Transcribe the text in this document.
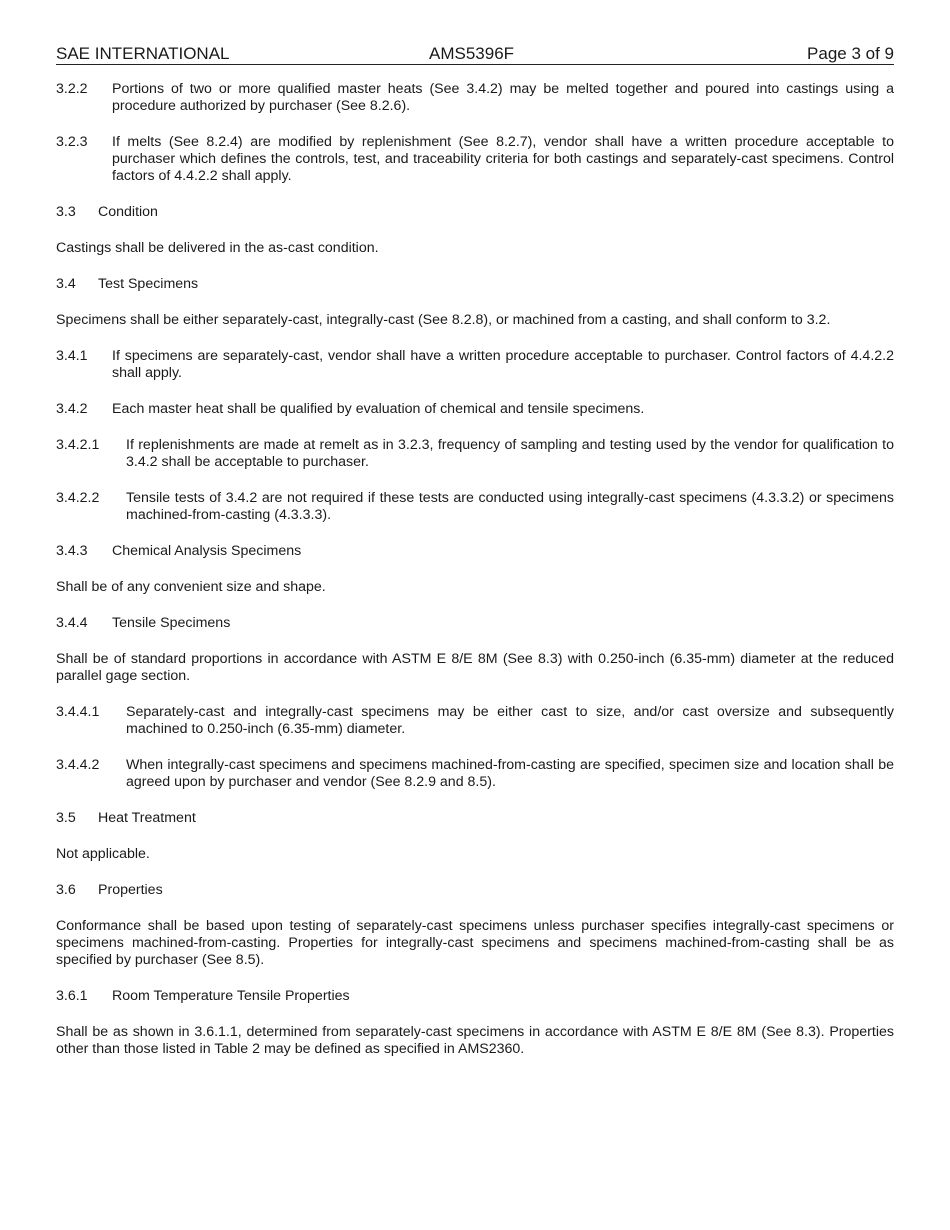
SAE INTERNATIONAL	AMS5396F	Page 3 of 9
3.2.2 Portions of two or more qualified master heats (See 3.4.2) may be melted together and poured into castings using a procedure authorized by purchaser (See 8.2.6).
3.2.3 If melts (See 8.2.4) are modified by replenishment (See 8.2.7), vendor shall have a written procedure acceptable to purchaser which defines the controls, test, and traceability criteria for both castings and separately-cast specimens. Control factors of 4.4.2.2 shall apply.
3.3 Condition

Castings shall be delivered in the as-cast condition.

3.4 Test Specimens

Specimens shall be either separately-cast, integrally-cast (See 8.2.8), or machined from a casting, and shall conform to 3.2.

3.4.1 If specimens are separately-cast, vendor shall have a written procedure acceptable to purchaser. Control factors of 4.4.2.2 shall apply.
3.4.2 Each master heat shall be qualified by evaluation of chemical and tensile specimens.
3.4.2.1 If replenishments are made at remelt as in 3.2.3, frequency of sampling and testing used by the vendor for qualification to 3.4.2 shall be acceptable to purchaser.
3.4.2.2 Tensile tests of 3.4.2 are not required if these tests are conducted using integrally-cast specimens (4.3.3.2) or specimens machined-from-casting (4.3.3.3).
3.4.3 Chemical Analysis Specimens

Shall be of any convenient size and shape.

3.4.4 Tensile Specimens

Shall be of standard proportions in accordance with ASTM E 8/E 8M (See 8.3) with 0.250-inch (6.35-mm) diameter at the reduced parallel gage section.

3.4.4.1 Separately-cast and integrally-cast specimens may be either cast to size, and/or cast oversize and subsequently machined to 0.250-inch (6.35-mm) diameter.
3.4.4.2 When integrally-cast specimens and specimens machined-from-casting are specified, specimen size and location shall be agreed upon by purchaser and vendor (See 8.2.9 and 8.5).
3.5 Heat Treatment

Not applicable.

3.6 Properties

Conformance shall be based upon testing of separately-cast specimens unless purchaser specifies integrally-cast specimens or specimens machined-from-casting. Properties for integrally-cast specimens and specimens machined-from-casting shall be as specified by purchaser (See 8.5).

3.6.1 Room Temperature Tensile Properties

Shall be as shown in 3.6.1.1, determined from separately-cast specimens in accordance with ASTM E 8/E 8M (See 8.3). Properties other than those listed in Table 2 may be defined as specified in AMS2360.
